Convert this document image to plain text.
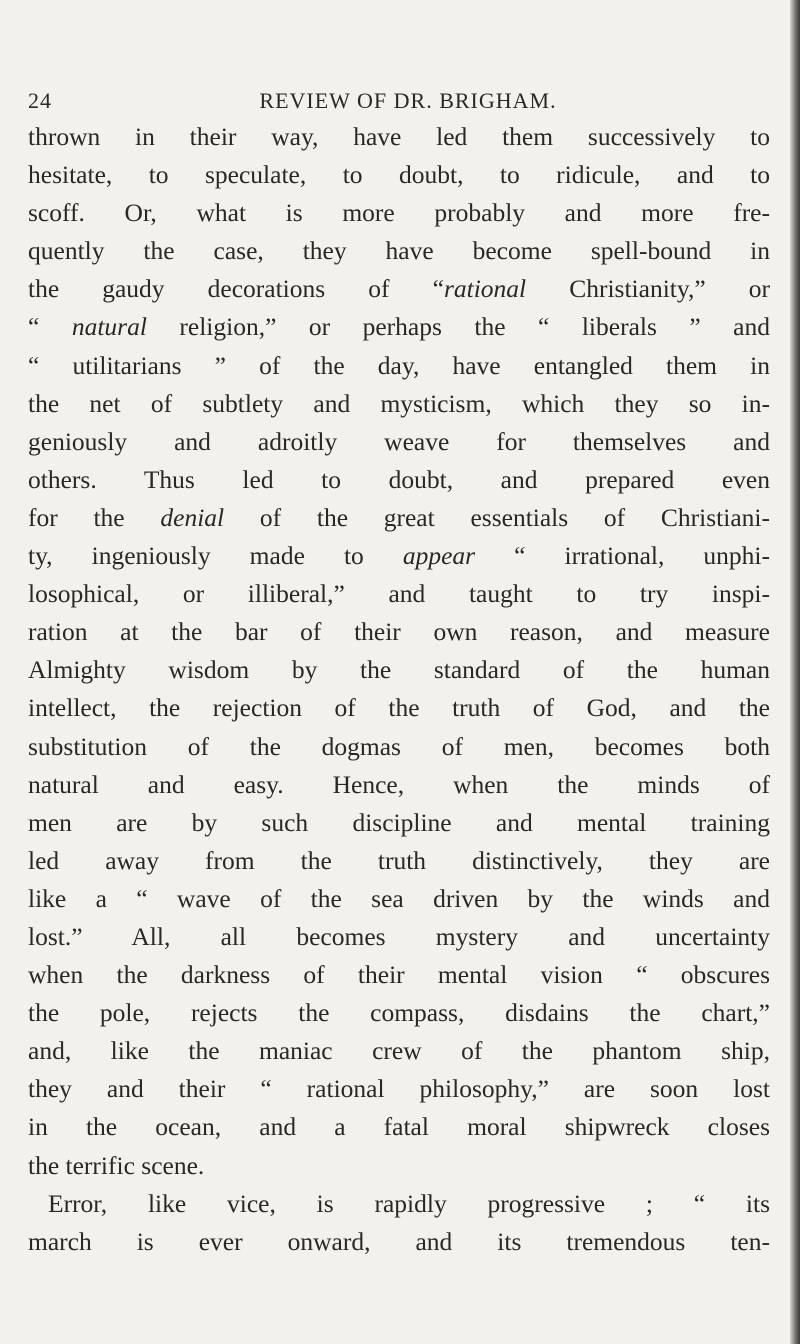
24	REVIEW OF DR. BRIGHAM.
thrown in their way, have led them successively to
hesitate, to speculate, to doubt, to ridicule, and to
scoff. Or, what is more probably and more fre-
quently the case, they have become spell-bound in
the gaudy decorations of “rational Christianity,” or
“ natural religion,” or perhaps the “ liberals ” and
“ utilitarians ” of the day, have entangled them in
the net of subtlety and mysticism, which they so in-
geniously and adroitly weave for themselves and
others. Thus led to doubt, and prepared even
for the denial of the great essentials of Christiani-
ty, ingeniously made to appear “ irrational, unphi-
losophical, or illiberal,” and taught to try inspi-
ration at the bar of their own reason, and measure
Almighty wisdom by the standard of the human
intellect, the rejection of the truth of God, and the
substitution of the dogmas of men, becomes both
natural and easy. Hence, when the minds of
men are by such discipline and mental training
led away from the truth distinctively, they are
like a “ wave of the sea driven by the winds and
lost.” All, all becomes mystery and uncertainty
when the darkness of their mental vision “ obscures
the pole, rejects the compass, disdains the chart,”
and, like the maniac crew of the phantom ship,
they and their “ rational philosophy,” are soon lost
in the ocean, and a fatal moral shipwreck closes
the terrific scene.
Error, like vice, is rapidly progressive ; “ its
march is ever onward, and its tremendous ten-
